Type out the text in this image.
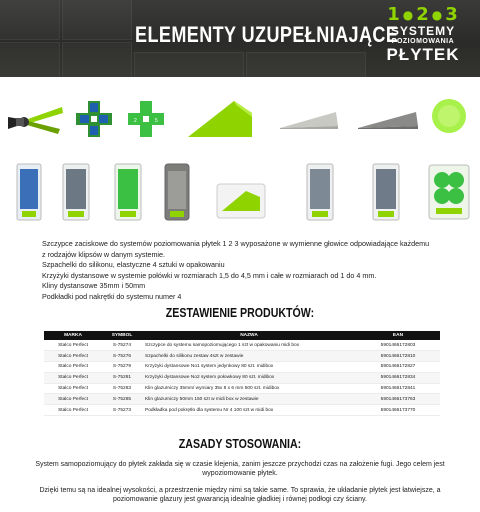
ELEMENTY UZUPEŁNIAJĄCE
1 ● 2 ● 3
SYSTEMY
POZIOMOWANIA
PŁYTEK
2	5

Szczypce zaciskowe do systemów poziomowania płytek 1 2 3 wyposażone w wymienne głowice odpowiadające każdemu

z rodzajów klipsów w danym systemie.

Szpachelki do silikonu, elastyczne 4 sztuki w opakowaniu

Krzyżyki dystansowe w systemie połówki w rozmiarach 1,5 do 4,5 mm i całe w rozmiarach od 1 do 4 mm.

Kliny dystansowe 35mm i 50mm

Podkładki pod nakrętki do systemu numer 4

ZESTAWIENIE PRODUKTÓW:
MARKA	SYMBOL	NAZWA	EAN
Stalco Perfect	S-75274	Szczypce do systemu samopoziomującego 1 szt w opakowaniu midi box	5901466172803
Stalco Perfect	S-75276	Szpachelki do silikonu zestaw 4szt w zestawie	5901466172810
Stalco Perfect	S-75279	Krzyżyki dystansowe No1 system jedynkowy 80 szt. midibox	5901466172827
Stalco Perfect	S-75281	Krzyżyki dystansowe No2 system połowkowy 80 szt. midibox	5901466172834
Stalco Perfect	S-75283	Klin glazurniczy 35mm/ wymiary 35x 8 x 6 mm 500 szt. midibox	5901466172841
Stalco Perfect	S-75285	Klin glazurniczy 50mm 150 szt w midi box w zestawie	5901466173763
Stalco Perfect	S-75273	Podkładka pod pokrętło dla systemu Nr 4 100 szt w midi box	5901466173770
ZASADY STOSOWANIA:
System samopoziomujący do płytek zakłada się w czasie klejenia, zanim jeszcze przychodzi czas na założenie fugi. Jego celem jest wypoziomowanie płytek.
Dzięki temu są na idealnej wysokości, a przestrzenie między nimi są takie same. To sprawia, że układanie płytek jest łatwiejsze, a poziomowanie glazury jest gwarancją idealnie gładkiej i równej podłogi czy ściany.
